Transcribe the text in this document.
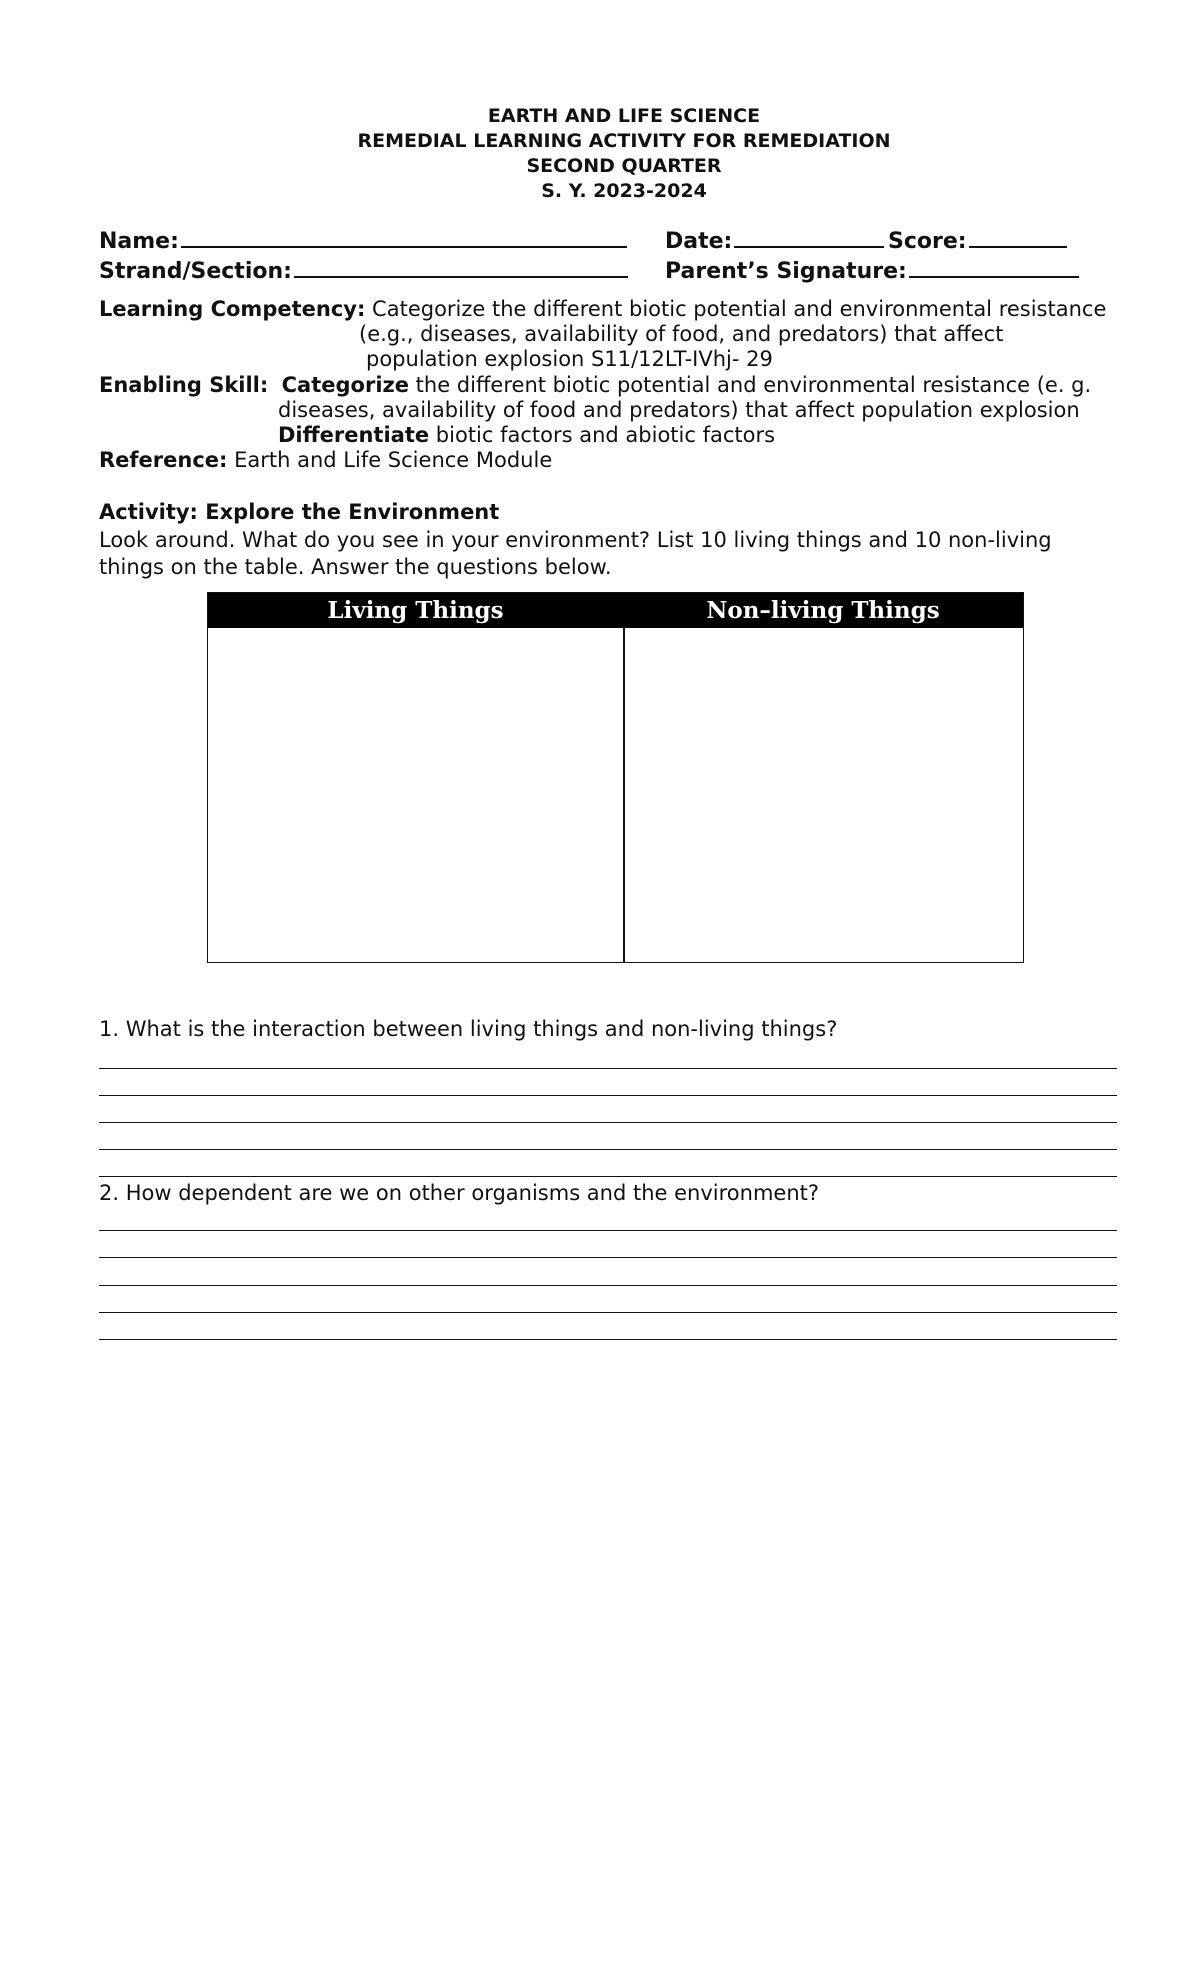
EARTH AND LIFE SCIENCE
REMEDIAL LEARNING ACTIVITY FOR REMEDIATION
SECOND QUARTER
S. Y. 2023-2024
Name:	Date:	Score:
Strand/Section:	Parent’s Signature:
Learning Competency: Categorize the different biotic potential and environmental resistance
(e.g., diseases, availability of food, and predators) that affect
population explosion S11/12LT-IVhj- 29
Enabling Skill: Categorize the different biotic potential and environmental resistance (e. g.
diseases, availability of food and predators) that affect population explosion
Differentiate biotic factors and abiotic factors
Reference: Earth and Life Science Module
Activity: Explore the Environment
Look around. What do you see in your environment? List 10 living things and 10 non-living
things on the table. Answer the questions below.
Living Things	Non–living Things
1. What is the interaction between living things and non-living things?
2. How dependent are we on other organisms and the environment?
